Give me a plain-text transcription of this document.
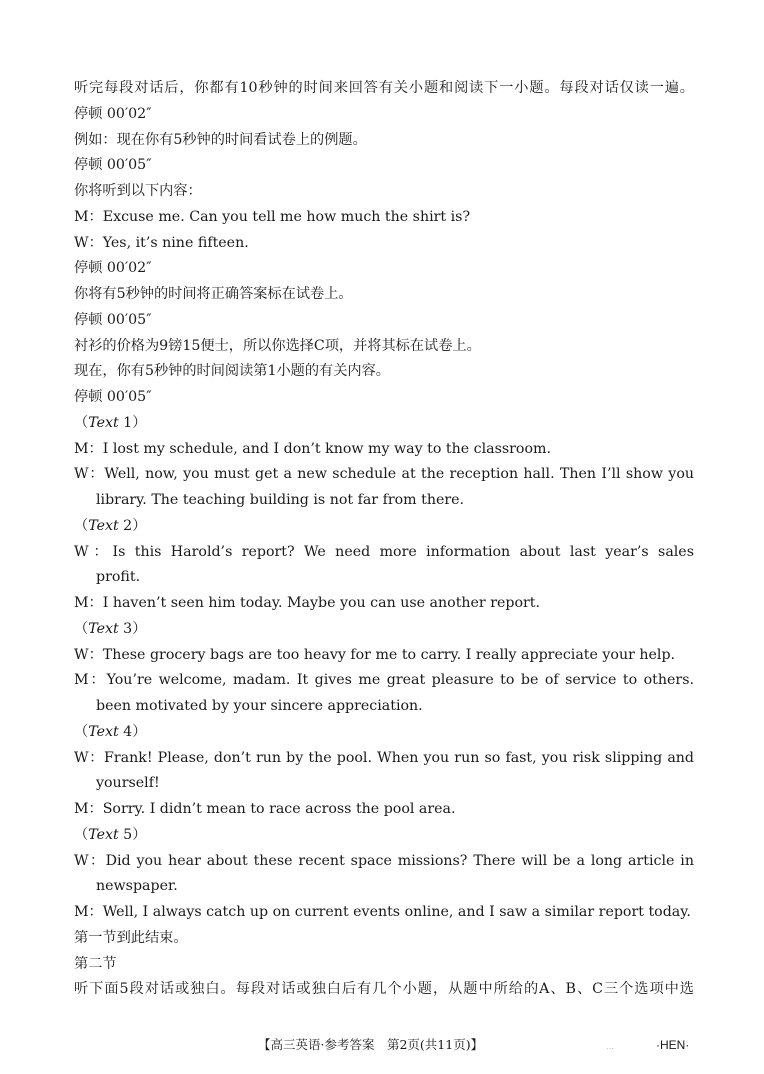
听完每段对话后，你都有10秒钟的时间来回答有关小题和阅读下一小题。每段对话仅读一遍。
停顿 00′02″
例如：现在你有5秒钟的时间看试卷上的例题。
停顿 00′05″
你将听到以下内容：
M：Excuse me. Can you tell me how much the shirt is?
W：Yes, it’s nine fifteen.
停顿 00′02″
你将有5秒钟的时间将正确答案标在试卷上。
停顿 00′05″
衬衫的价格为9镑15便士，所以你选择C项，并将其标在试卷上。
现在，你有5秒钟的时间阅读第1小题的有关内容。
停顿 00′05″
（Text 1）
M：I lost my schedule, and I don’t know my way to the classroom.
W：Well, now, you must get a new schedule at the reception hall. Then I’ll show you
library. The teaching building is not far from there.
（Text 2）
W：Is this Harold’s report? We need more information about last year’s sales
profit.
M：I haven’t seen him today. Maybe you can use another report.
（Text 3）
W：These grocery bags are too heavy for me to carry. I really appreciate your help.
M：You’re welcome, madam. It gives me great pleasure to be of service to others.
been motivated by your sincere appreciation.
（Text 4）
W：Frank! Please, don’t run by the pool. When you run so fast, you risk slipping and
yourself!
M：Sorry. I didn’t mean to race across the pool area.
（Text 5）
W：Did you hear about these recent space missions? There will be a long article in
newspaper.
M：Well, I always catch up on current events online, and I saw a similar report today.
第一节到此结束。
第二节
听下面5段对话或独白。每段对话或独白后有几个小题，从题中所给的A、B、C三个选项中选
【高三英语·参考答案　第2页(共11页)】	…	·HEN·
